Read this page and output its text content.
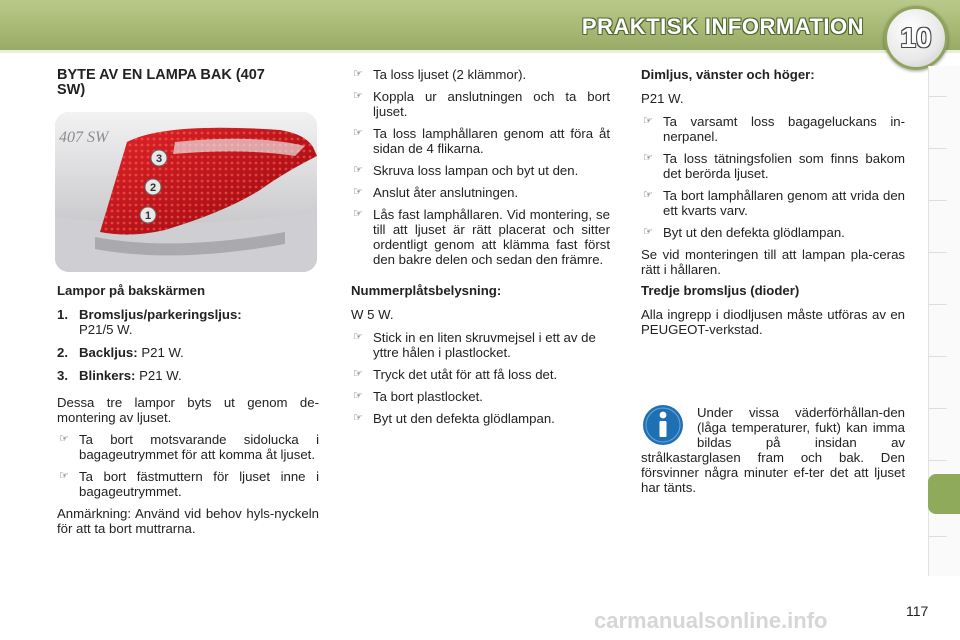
PRAKTISK INFORMATION 10
BYTE AV EN LAMPA BAK (407 SW)
407 SW
3
2
1

Lampor på bakskärmen

1. Bromsljus/parkeringsljus:
P21/5 W.
2. Backljus: P21 W.
3. Blinkers: P21 W.

Dessa tre lampor byts ut genom de-montering av ljuset.

☞ Ta bort motsvarande sidolucka i bagageutrymmet för att komma åt ljuset.
☞ Ta bort fästmuttern för ljuset inne i bagageutrymmet.

Anmärkning: Använd vid behov hyls-nyckeln för att ta bort muttrarna.

☞ Ta loss ljuset (2 klämmor).
☞ Koppla ur anslutningen och ta bort ljuset.
☞ Ta loss lamphållaren genom att föra åt sidan de 4 flikarna.
☞ Skruva loss lampan och byt ut den.
☞ Anslut åter anslutningen.
☞ Lås fast lamphållaren. Vid montering, se till att ljuset är rätt placerat och sitter ordentligt genom att klämma fast först den bakre delen och sedan den främre.

Nummerplåtsbelysning:

W 5 W.

☞ Stick in en liten skruvmejsel i ett av de yttre hålen i plastlocket.
☞ Tryck det utåt för att få loss det.
☞ Ta bort plastlocket.
☞ Byt ut den defekta glödlampan.

Dimljus, vänster och höger:

P21 W.

☞ Ta varsamt loss bagageluckans in-nerpanel.
☞ Ta loss tätningsfolien som finns bakom det berörda ljuset.
☞ Ta bort lamphållaren genom att vrida den ett kvarts varv.
☞ Byt ut den defekta glödlampan.

Se vid monteringen till att lampan pla-ceras rätt i hållaren.

Tredje bromsljus (dioder)

Alla ingrepp i diodljusen måste utföras av en PEUGEOT-verkstad.

Under vissa väderförhållan-den (låga temperaturer, fukt) kan imma bildas på insidan av strålkastarglasen fram och bak. Den försvinner några minuter ef-ter det att ljuset har tänts.

117
carmanualsonline.info
